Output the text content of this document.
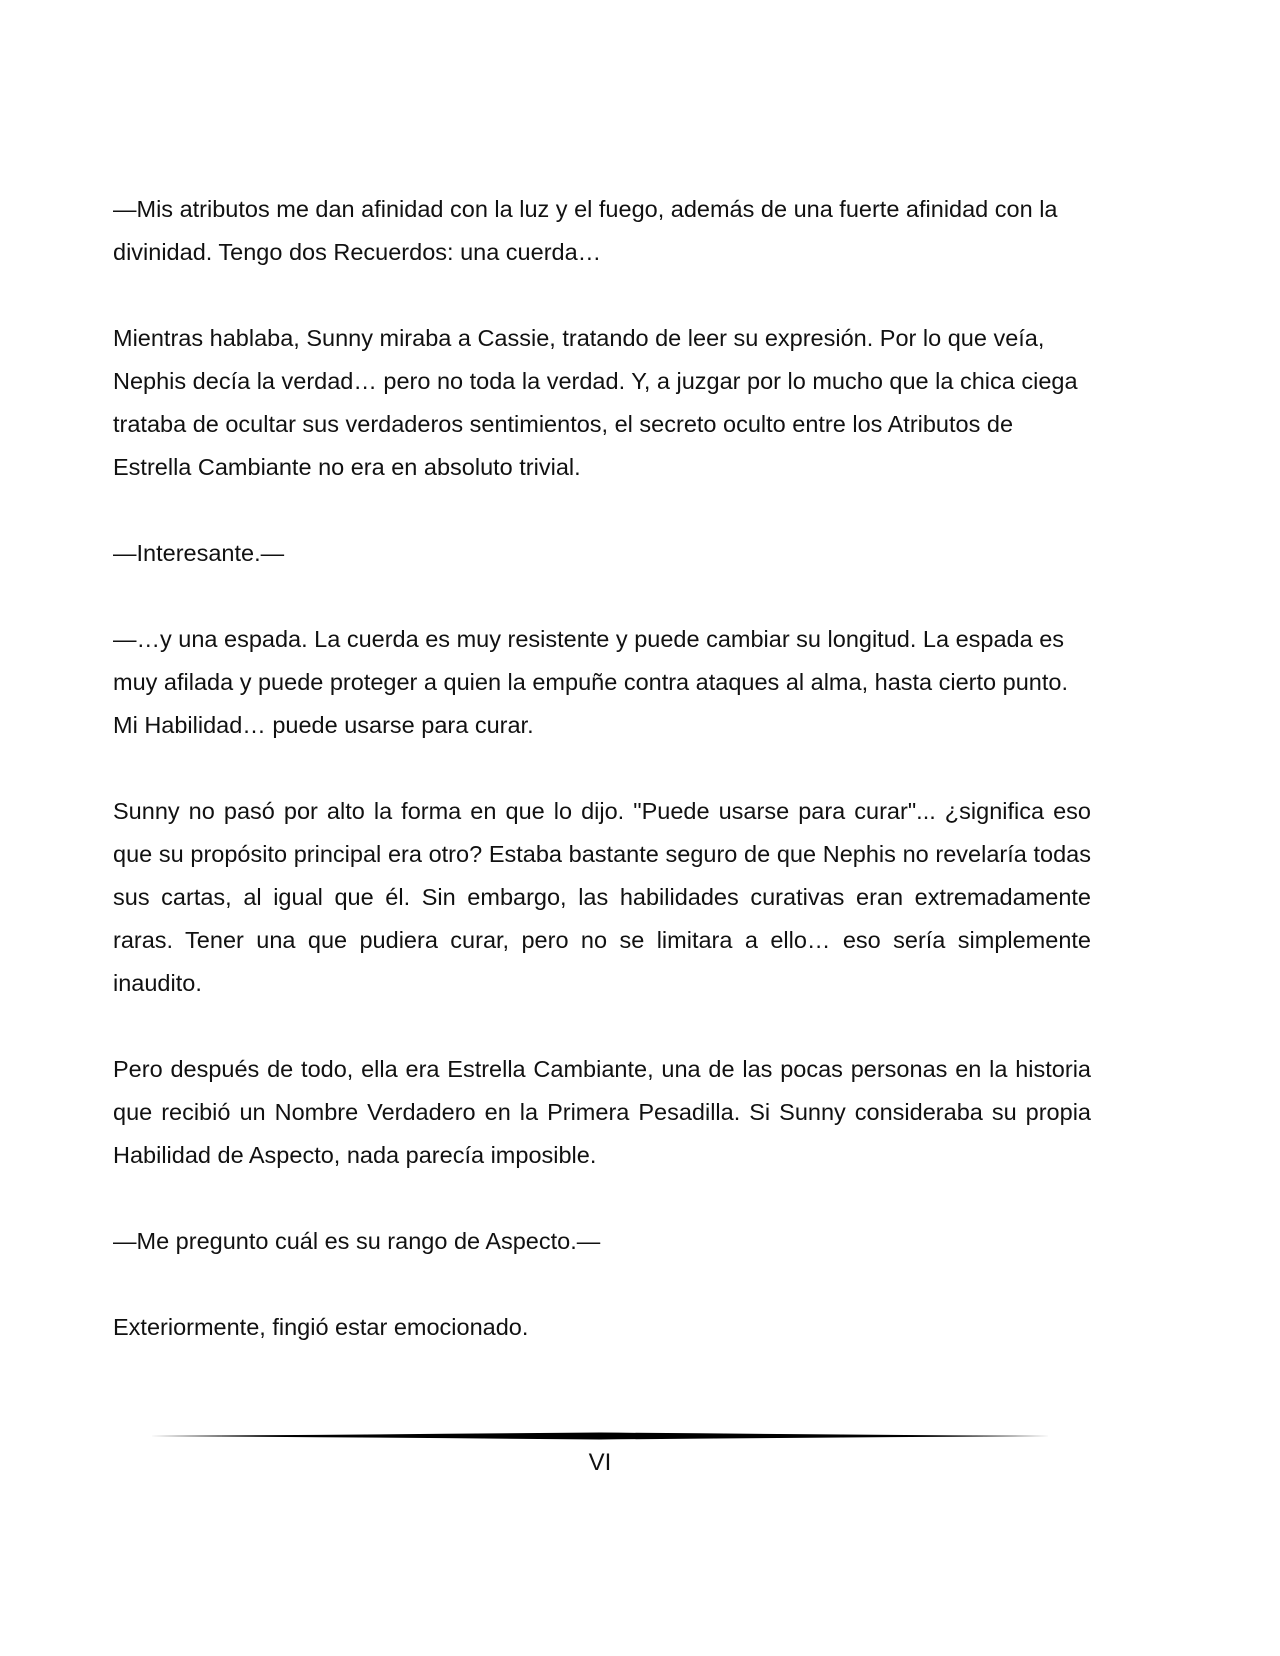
—Mis atributos me dan afinidad con la luz y el fuego, además de una fuerte afinidad con la divinidad. Tengo dos Recuerdos: una cuerda…

Mientras hablaba, Sunny miraba a Cassie, tratando de leer su expresión. Por lo que veía, Nephis decía la verdad… pero no toda la verdad. Y, a juzgar por lo mucho que la chica ciega trataba de ocultar sus verdaderos sentimientos, el secreto oculto entre los Atributos de Estrella Cambiante no era en absoluto trivial.

—Interesante.—

—…y una espada. La cuerda es muy resistente y puede cambiar su longitud. La espada es muy afilada y puede proteger a quien la empuñe contra ataques al alma, hasta cierto punto. Mi Habilidad… puede usarse para curar.

Sunny no pasó por alto la forma en que lo dijo. "Puede usarse para curar"... ¿significa eso que su propósito principal era otro? Estaba bastante seguro de que Nephis no revelaría todas sus cartas, al igual que él. Sin embargo, las habilidades curativas eran extremadamente raras. Tener una que pudiera curar, pero no se limitara a ello… eso sería simplemente inaudito.

Pero después de todo, ella era Estrella Cambiante, una de las pocas personas en la historia que recibió un Nombre Verdadero en la Primera Pesadilla. Si Sunny consideraba su propia Habilidad de Aspecto, nada parecía imposible.

—Me pregunto cuál es su rango de Aspecto.—

Exteriormente, fingió estar emocionado.

VI
